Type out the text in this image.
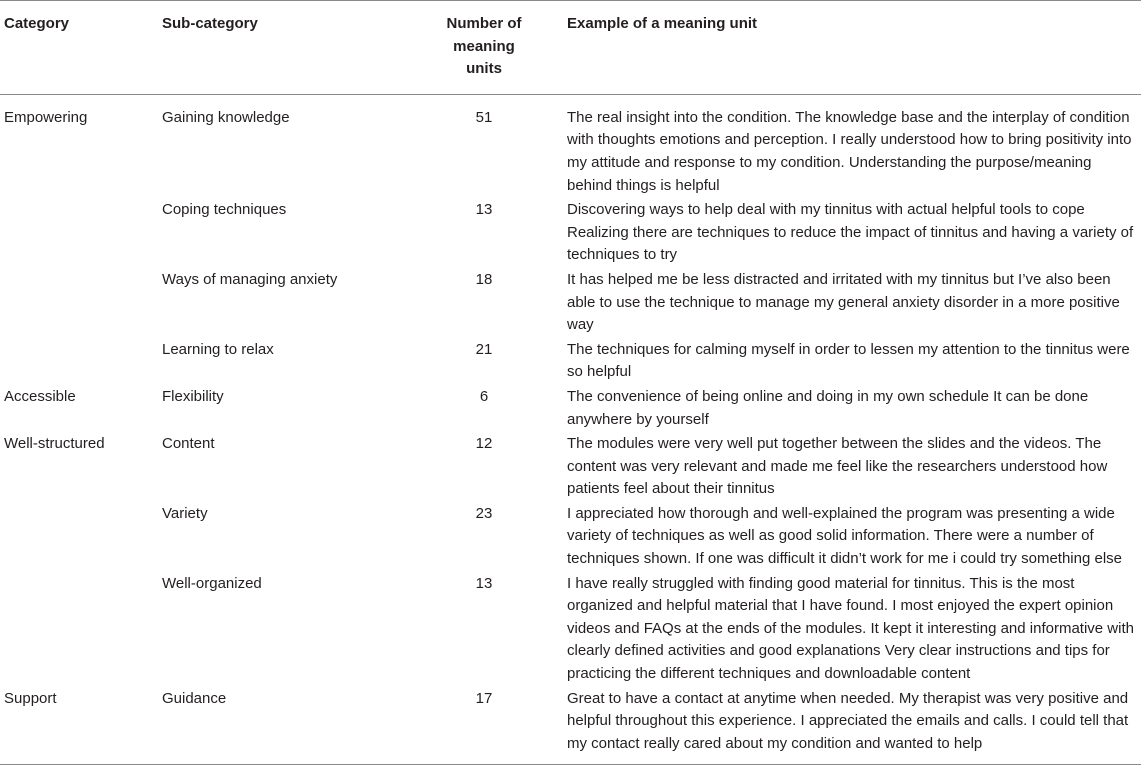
Category	Sub-category	Number of meaning units	Example of a meaning unit
Empowering	Gaining knowledge	51	The real insight into the condition. The knowledge base and the interplay of condition with thoughts emotions and perception. I really understood how to bring positivity into my attitude and response to my condition. Understanding the purpose/meaning behind things is helpful
	Coping techniques	13	Discovering ways to help deal with my tinnitus with actual helpful tools to cope Realizing there are techniques to reduce the impact of tinnitus and having a variety of techniques to try
	Ways of managing anxiety	18	It has helped me be less distracted and irritated with my tinnitus but I’ve also been able to use the technique to manage my general anxiety disorder in a more positive way
	Learning to relax	21	The techniques for calming myself in order to lessen my attention to the tinnitus were so helpful
Accessible	Flexibility	6	The convenience of being online and doing in my own schedule It can be done anywhere by yourself
Well-structured	Content	12	The modules were very well put together between the slides and the videos. The content was very relevant and made me feel like the researchers understood how patients feel about their tinnitus
	Variety	23	I appreciated how thorough and well-explained the program was presenting a wide variety of techniques as well as good solid information. There were a number of techniques shown. If one was difficult it didn’t work for me i could try something else
	Well-organized	13	I have really struggled with finding good material for tinnitus. This is the most organized and helpful material that I have found. I most enjoyed the expert opinion videos and FAQs at the ends of the modules. It kept it interesting and informative with clearly defined activities and good explanations Very clear instructions and tips for practicing the different techniques and downloadable content
Support	Guidance	17	Great to have a contact at anytime when needed. My therapist was very positive and helpful throughout this experience. I appreciated the emails and calls. I could tell that my contact really cared about my condition and wanted to help
